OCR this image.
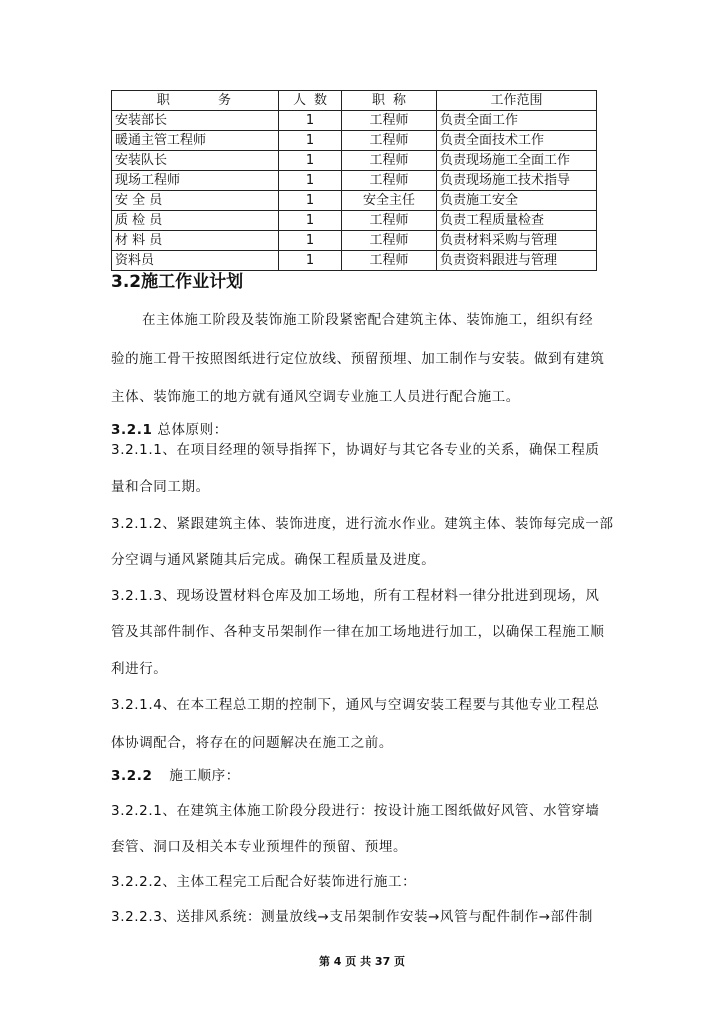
职 务	人数	职称	工作范围
安装部长	1	工程师	负责全面工作
暖通主管工程师	1	工程师	负责全面技术工作
安装队长	1	工程师	负责现场施工全面工作
现场工程师	1	工程师	负责现场施工技术指导
安 全 员	1	安全主任	负责施工安全
质 检 员	1	工程师	负责工程质量检查
材 料 员	1	工程师	负责材料采购与管理
资料员	1	工程师	负责资料跟进与管理
3.2施工作业计划
在主体施工阶段及装饰施工阶段紧密配合建筑主体、装饰施工，组织有经
验的施工骨干按照图纸进行定位放线、预留预埋、加工制作与安装。做到有建筑
主体、装饰施工的地方就有通风空调专业施工人员进行配合施工。
3.2.1 总体原则：
3.2.1.1、在项目经理的领导指挥下，协调好与其它各专业的关系，确保工程质
量和合同工期。
3.2.1.2、紧跟建筑主体、装饰进度，进行流水作业。建筑主体、装饰每完成一部
分空调与通风紧随其后完成。确保工程质量及进度。
3.2.1.3、现场设置材料仓库及加工场地，所有工程材料一律分批进到现场，风
管及其部件制作、各种支吊架制作一律在加工场地进行加工，以确保工程施工顺
利进行。
3.2.1.4、在本工程总工期的控制下，通风与空调安装工程要与其他专业工程总
体协调配合，将存在的问题解决在施工之前。
3.2.2 施工顺序：
3.2.2.1、在建筑主体施工阶段分段进行：按设计施工图纸做好风管、水管穿墙
套管、洞口及相关本专业预埋件的预留、预埋。
3.2.2.2、主体工程完工后配合好装饰进行施工：
3.2.2.3、送排风系统：测量放线→支吊架制作安装→风管与配件制作→部件制
第 4 页 共 37 页
